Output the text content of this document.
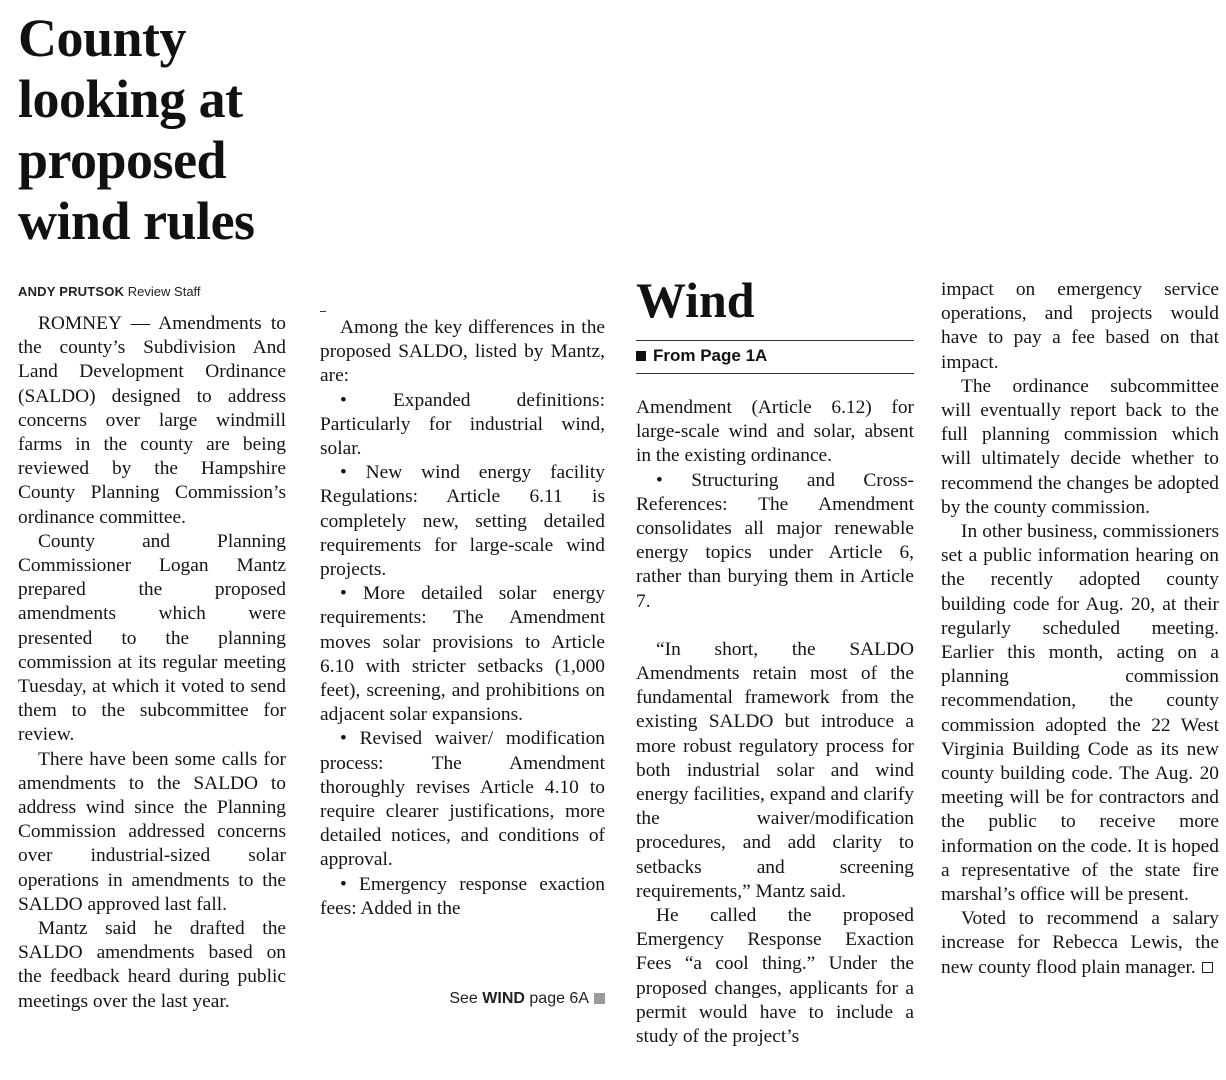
County
looking at
proposed
wind rules
ANDY PRUTSOK Review Staff

ROMNEY — Amendments to the county’s Subdivision And Land Development Ordinance (SALDO) designed to address concerns over large windmill farms in the county are being reviewed by the Hampshire County Planning Commission’s ordinance committee.

County and Planning Commissioner Logan Mantz prepared the proposed amendments which were presented to the planning commission at its regular meeting Tuesday, at which it voted to send them to the subcommittee for review.

There have been some calls for amendments to the SALDO to address wind since the Planning Commission addressed concerns over industrial-sized solar operations in amendments to the SALDO approved last fall.

Mantz said he drafted the SALDO amendments based on the feedback heard during public meetings over the last year.

Among the key differences in the proposed SALDO, listed by Mantz, are:

• Expanded definitions: Particularly for industrial wind, solar.

• New wind energy facility Regulations: Article 6.11 is completely new, setting detailed requirements for large-scale wind projects.

• More detailed solar energy requirements: The Amendment moves solar provisions to Article 6.10 with stricter setbacks (1,000 feet), screening, and prohibitions on adjacent solar expansions.

• Revised waiver/ modification process: The Amendment thoroughly revises Article 4.10 to require clearer justifications, more detailed notices, and conditions of approval.

• Emergency response exaction fees: Added in the

See WIND page 6A
Wind
From Page 1A

Amendment (Article 6.12) for large-scale wind and solar, absent in the existing ordinance.

• Structuring and Cross-References: The Amendment consolidates all major renewable energy topics under Article 6, rather than burying them in Article 7.

“In short, the SALDO Amendments retain most of the fundamental framework from the existing SALDO but introduce a more robust regulatory process for both industrial solar and wind energy facilities, expand and clarify the waiver/modification procedures, and add clarity to setbacks and screening requirements,” Mantz said.

He called the proposed Emergency Response Exaction Fees “a cool thing.” Under the proposed changes, applicants for a permit would have to include a study of the project’s

impact on emergency service operations, and projects would have to pay a fee based on that impact.

The ordinance subcommittee will eventually report back to the full planning commission which will ultimately decide whether to recommend the changes be adopted by the county commission.

In other business, commissioners set a public information hearing on the recently adopted county building code for Aug. 20, at their regularly scheduled meeting. Earlier this month, acting on a planning commission recommendation, the county commission adopted the 22 West Virginia Building Code as its new county building code. The Aug. 20 meeting will be for contractors and the public to receive more information on the code. It is hoped a representative of the state fire marshal’s office will be present.

Voted to recommend a salary increase for Rebecca Lewis, the new county flood plain manager.
